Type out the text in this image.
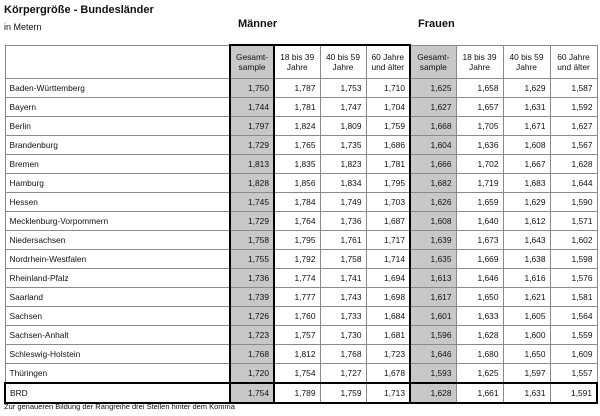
Körpergröße - Bundesländer
in Metern	Männer	Frauen
	Gesamt-sample	18 bis 39 Jahre	40 bis 59 Jahre	60 Jahre und älter	Gesamt-sample	18 bis 39 Jahre	40 bis 59 Jahre	60 Jahre und älter
Baden-Württemberg	1,750	1,787	1,753	1,710	1,625	1,658	1,629	1,587
Bayern	1,744	1,781	1,747	1,704	1,627	1,657	1,631	1,592
Berlin	1,797	1,824	1,809	1,759	1,668	1,705	1,671	1,627
Brandenburg	1,729	1,765	1,735	1,686	1,604	1,636	1,608	1,567
Bremen	1,813	1,835	1,823	1,781	1,666	1,702	1,667	1,628
Hamburg	1,828	1,856	1,834	1,795	1,682	1,719	1,683	1,644
Hessen	1,745	1,784	1,749	1,703	1,626	1,659	1,629	1,590
Mecklenburg-Vorpommern	1,729	1,764	1,736	1,687	1,608	1,640	1,612	1,571
Niedersachsen	1,758	1,795	1,761	1,717	1,639	1,673	1,643	1,602
Nordrhein-Westfalen	1,755	1,792	1,758	1,714	1,635	1,669	1,638	1,598
Rheinland-Pfalz	1,736	1,774	1,741	1,694	1,613	1,646	1,616	1,576
Saarland	1,739	1,777	1,743	1,698	1,617	1,650	1,621	1,581
Sachsen	1,726	1,760	1,733	1,684	1,601	1,633	1,605	1,564
Sachsen-Anhalt	1,723	1,757	1,730	1,681	1,596	1,628	1,600	1,559
Schleswig-Holstein	1,768	1,812	1,768	1,723	1,646	1,680	1,650	1,609
Thüringen	1,720	1,754	1,727	1,678	1,593	1,625	1,597	1,557
BRD	1,754	1,789	1,759	1,713	1,628	1,661	1,631	1,591
Zur genaueren Bildung der Rangreihe drei Stellen hinter dem Komma
